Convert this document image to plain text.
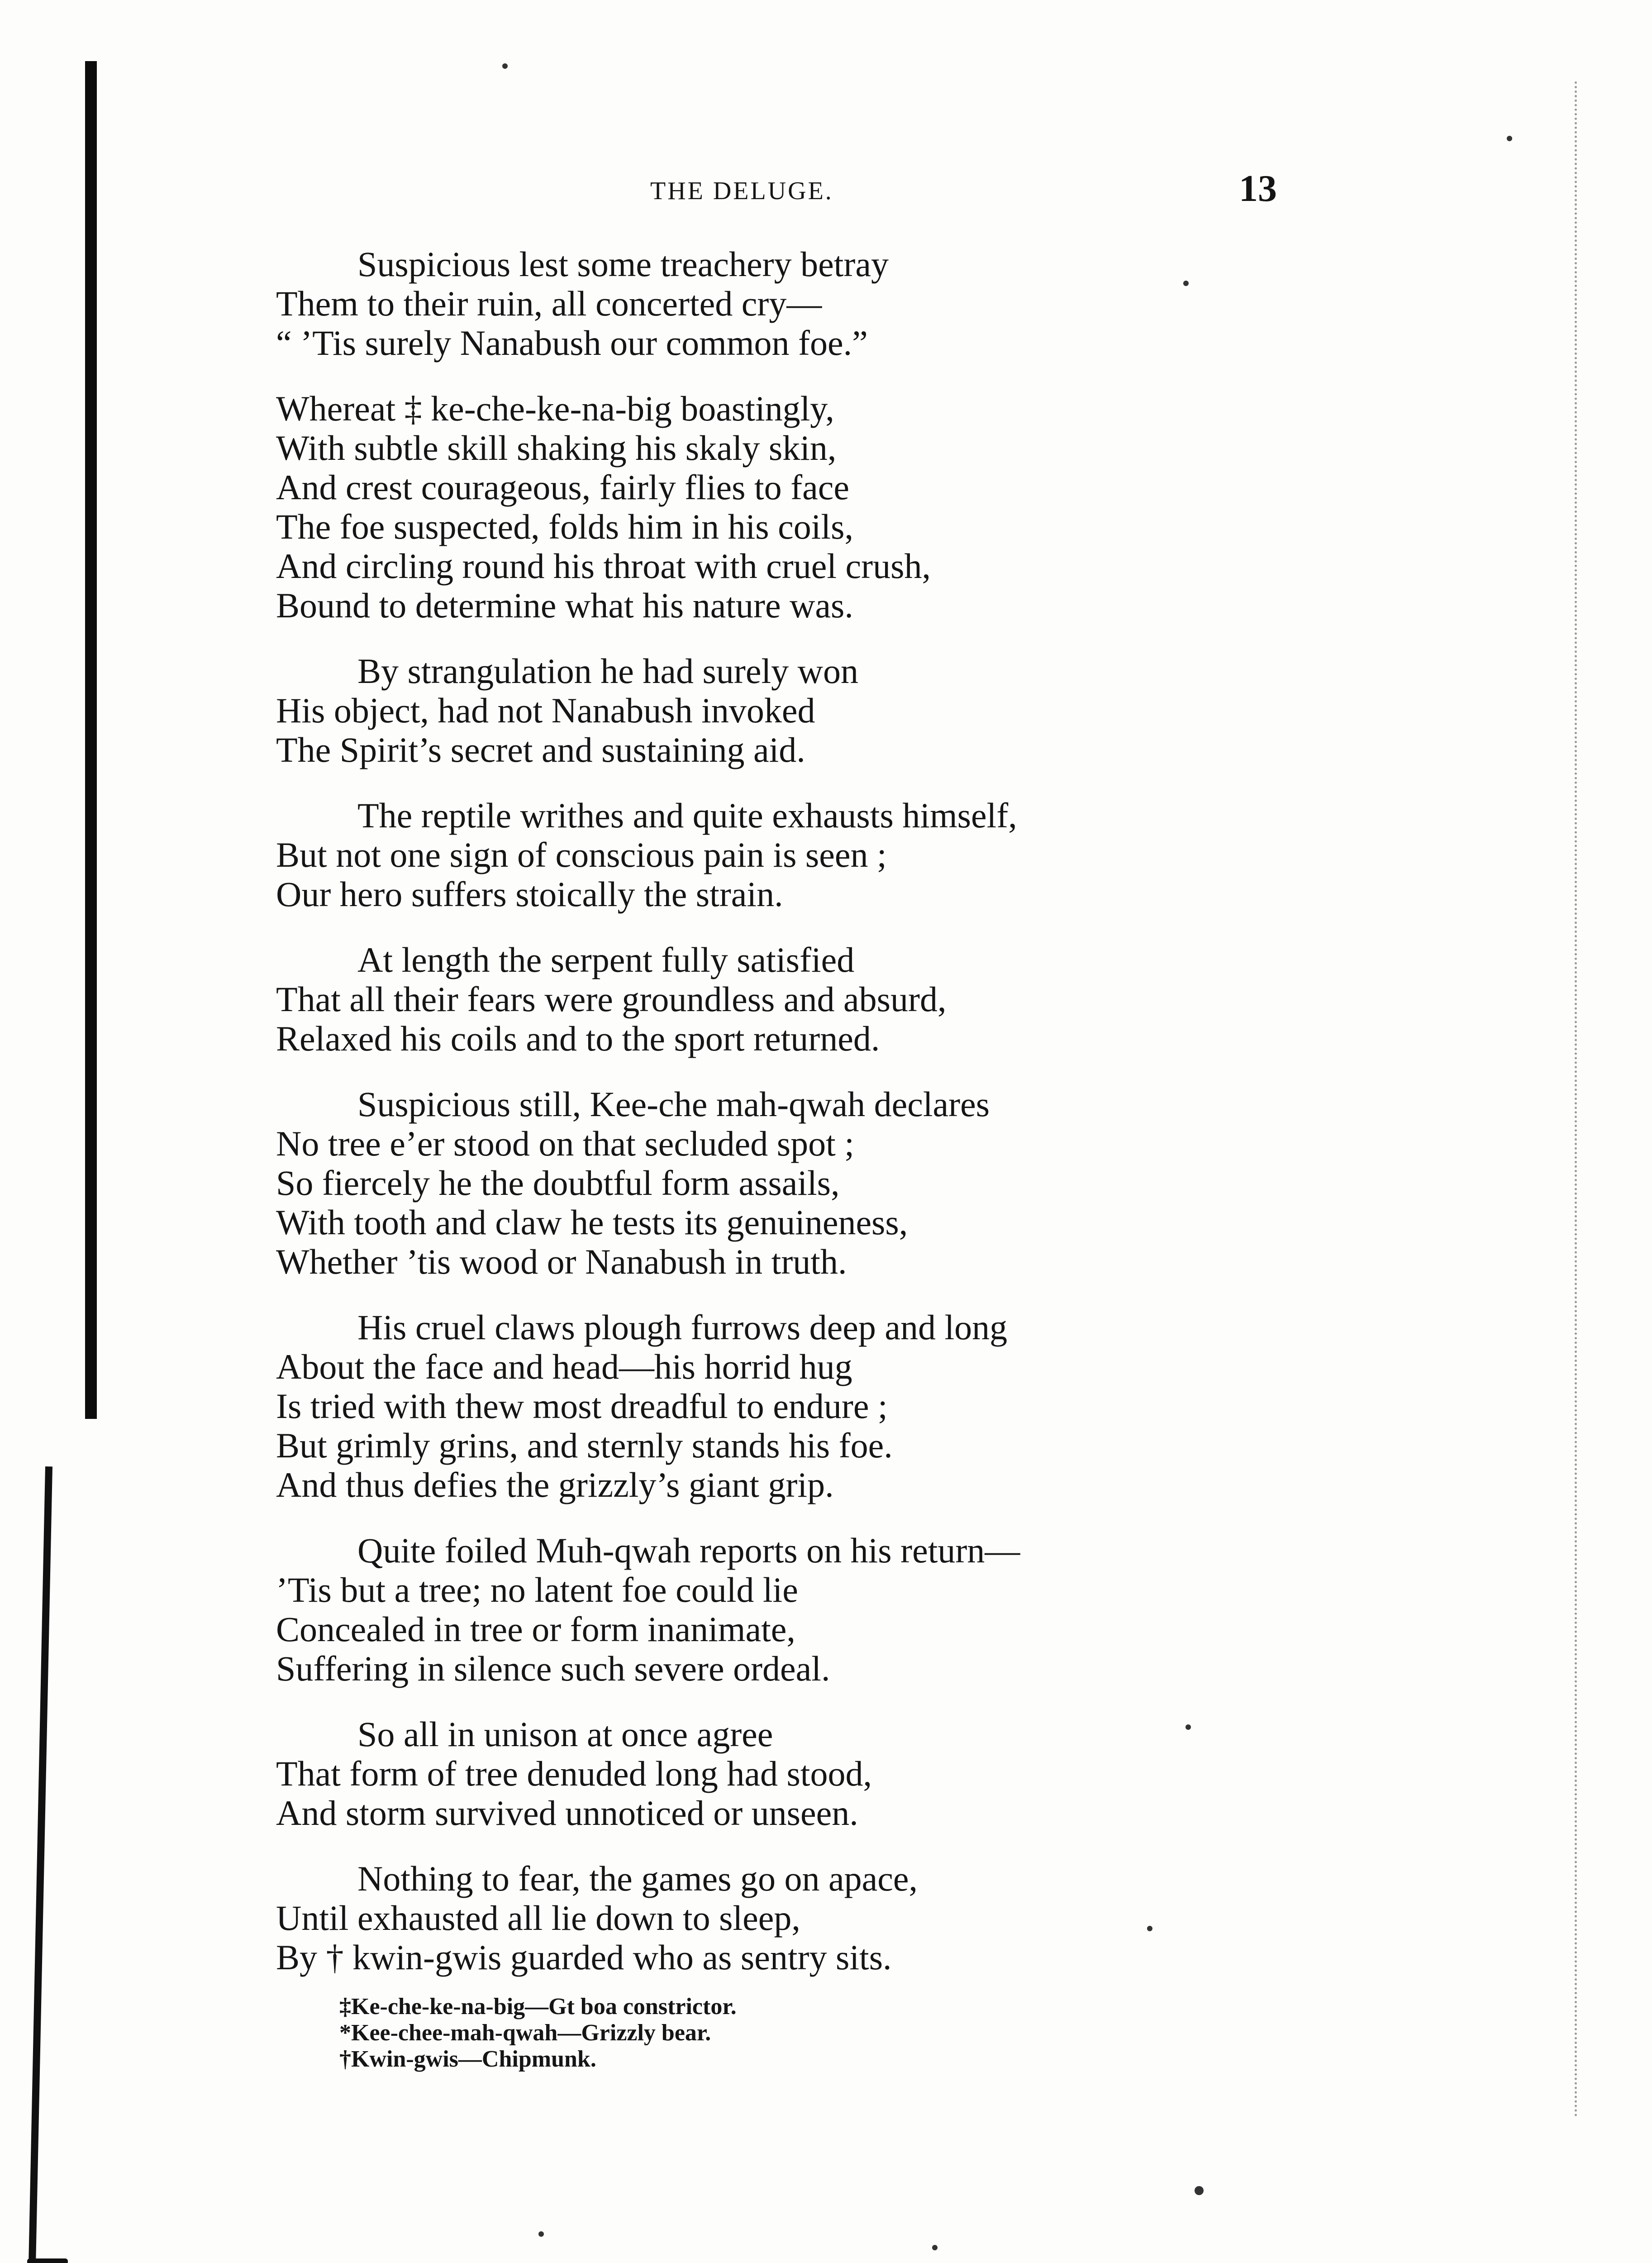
THE DELUGE.	13
Suspicious lest some treachery betray
Them to their ruin, all concerted cry—
“ ’Tis surely Nanabush our common foe.”
Whereat ‡ ke-che-ke-na-big boastingly,
With subtle skill shaking his skaly skin,
And crest courageous, fairly flies to face
The foe suspected, folds him in his coils,
And circling round his throat with cruel crush,
Bound to determine what his nature was.
By strangulation he had surely won
His object, had not Nanabush invoked
The Spirit’s secret and sustaining aid.
The reptile writhes and quite exhausts himself,
But not one sign of conscious pain is seen ;
Our hero suffers stoically the strain.
At length the serpent fully satisfied
That all their fears were groundless and absurd,
Relaxed his coils and to the sport returned.
Suspicious still, Kee-che mah-qwah declares
No tree e’er stood on that secluded spot ;
So fiercely he the doubtful form assails,
With tooth and claw he tests its genuineness,
Whether ’tis wood or Nanabush in truth.
His cruel claws plough furrows deep and long
About the face and head—his horrid hug
Is tried with thew most dreadful to endure ;
But grimly grins, and sternly stands his foe.
And thus defies the grizzly’s giant grip.
Quite foiled Muh-qwah reports on his return—
’Tis but a tree; no latent foe could lie
Concealed in tree or form inanimate,
Suffering in silence such severe ordeal.
So all in unison at once agree
That form of tree denuded long had stood,
And storm survived unnoticed or unseen.
Nothing to fear, the games go on apace,
Until exhausted all lie down to sleep,
By † kwin-gwis guarded who as sentry sits.
‡Ke-che-ke-na-big—Gt boa constrictor.
*Kee-chee-mah-qwah—Grizzly bear.
†Kwin-gwis—Chipmunk.
